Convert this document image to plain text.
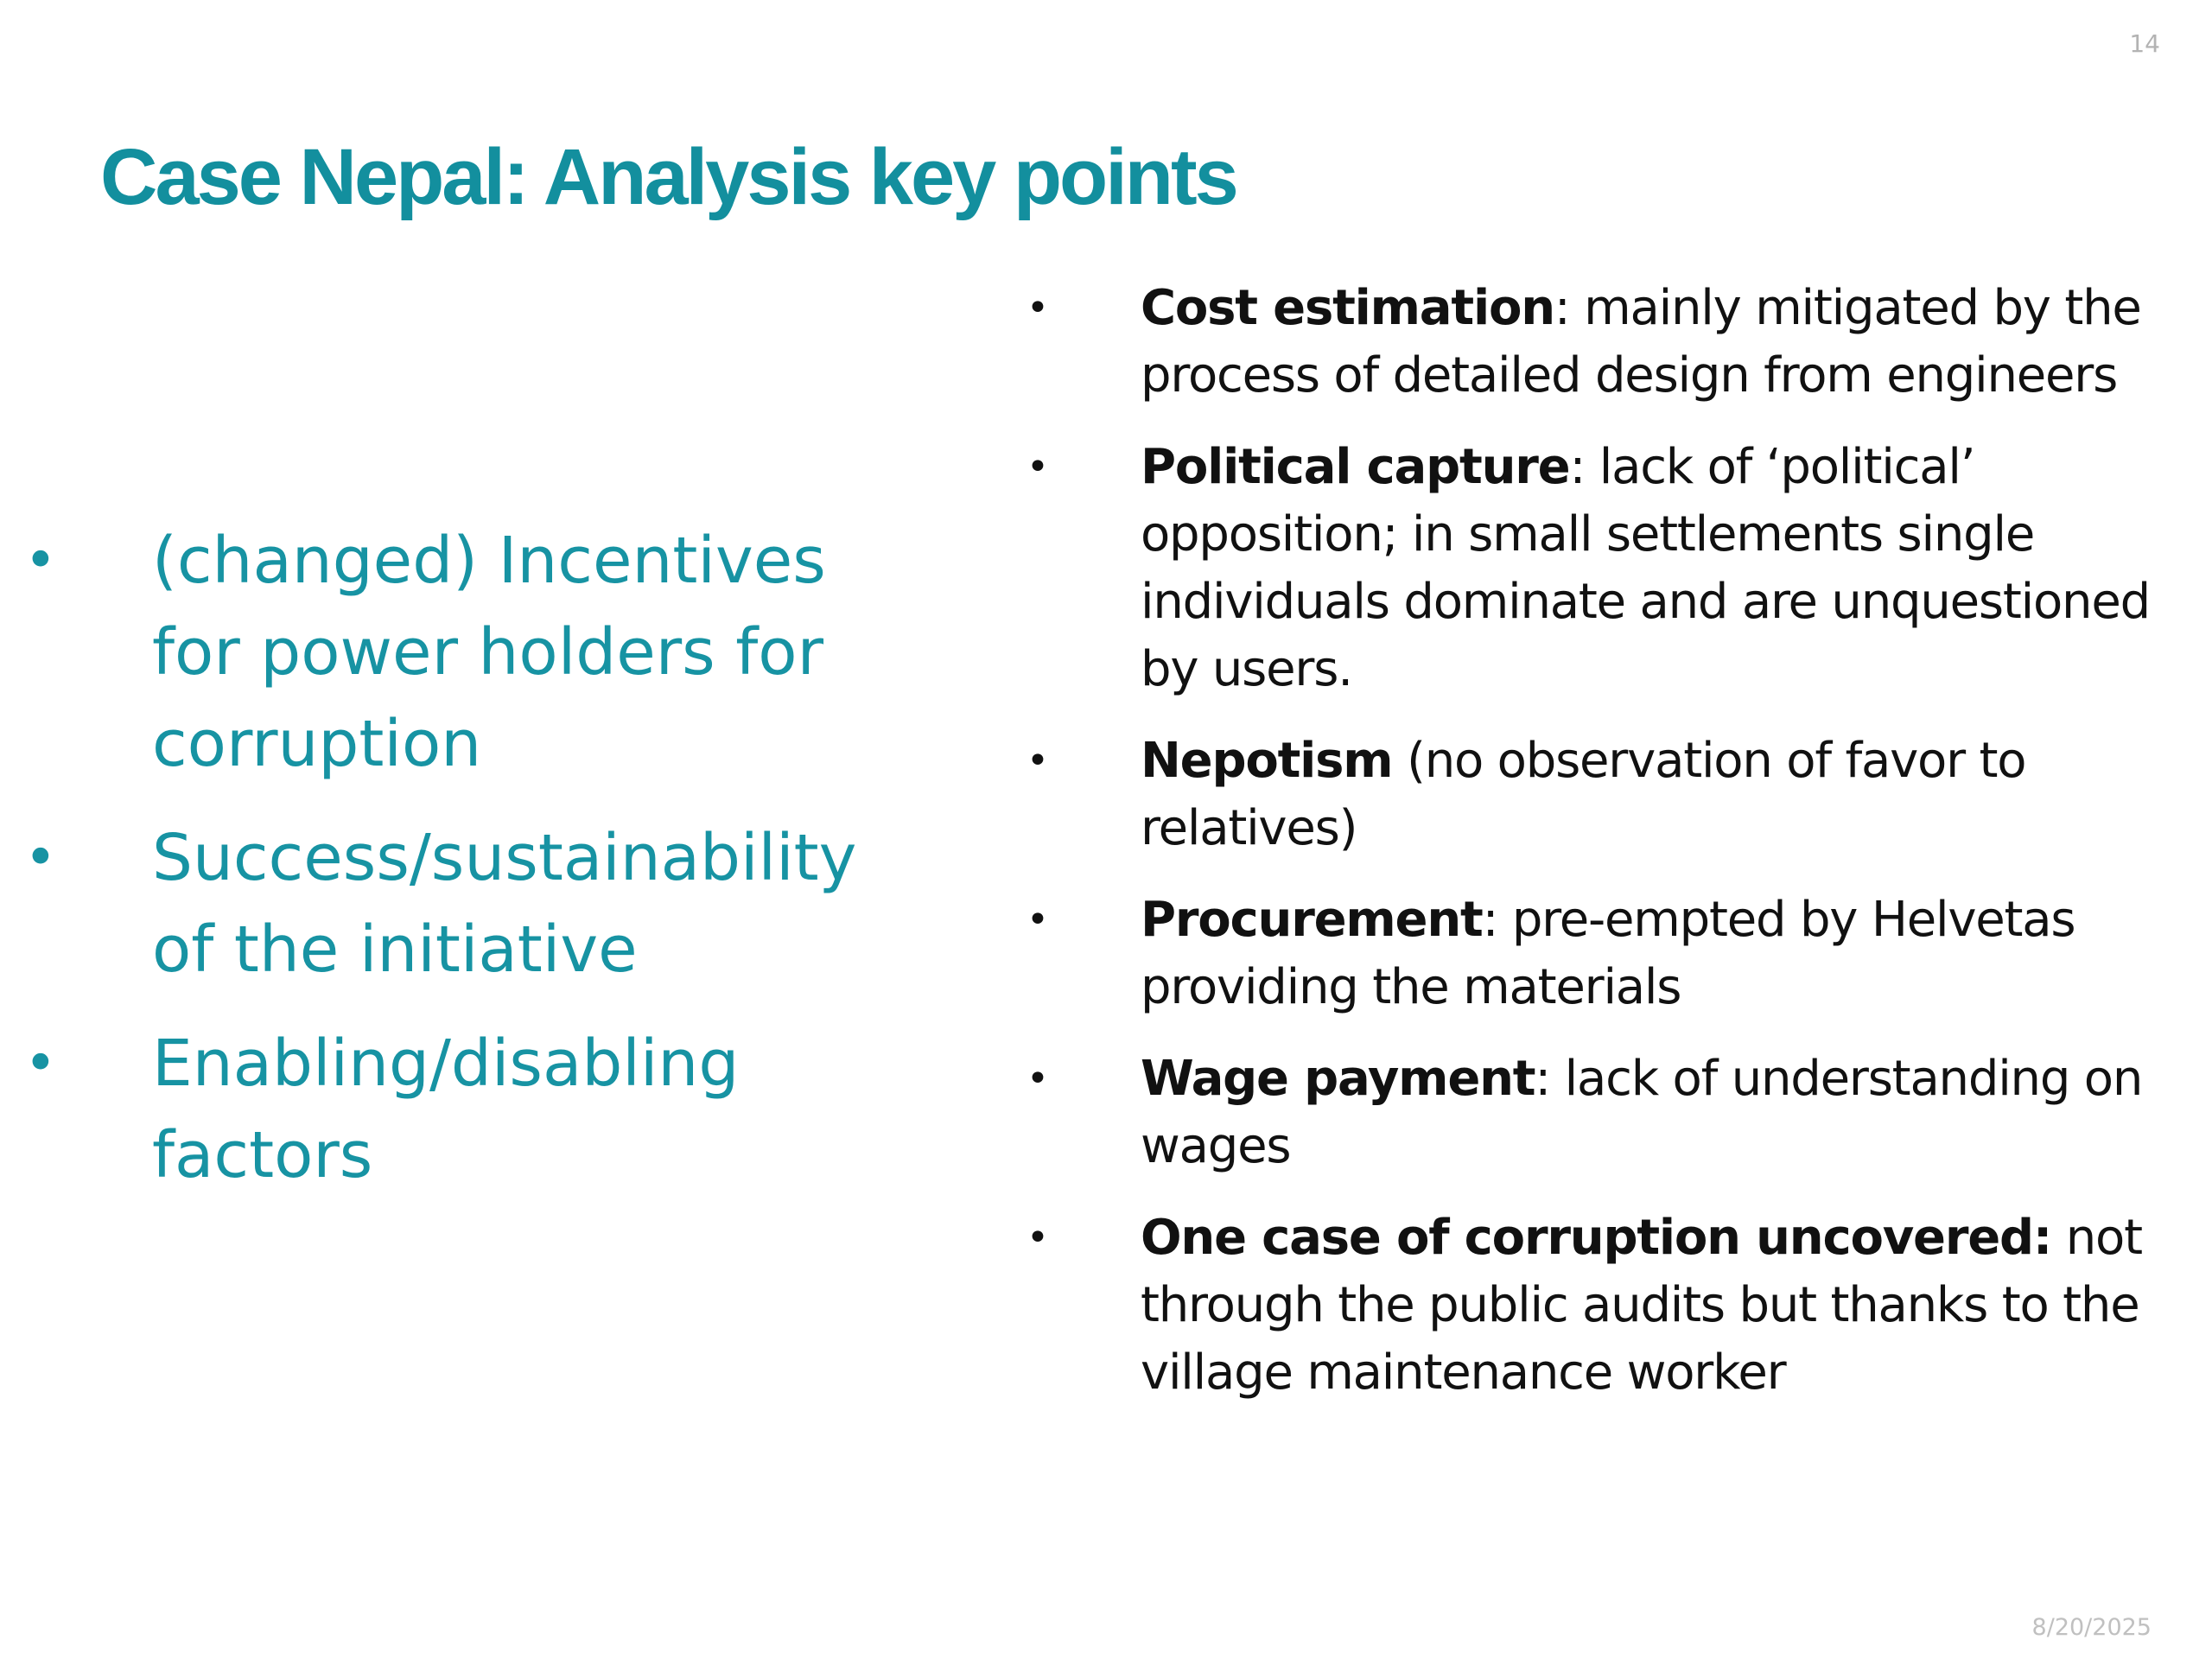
14
Case Nepal: Analysis key points
• (changed) Incentives for power holders for corruption
• Success/sustainability of the initiative
• Enabling/disabling factors
• Cost estimation: mainly mitigated by the process of detailed design from engineers
• Political capture: lack of ‘political’ opposition; in small settlements single individuals dominate and are unquestioned by users.
• Nepotism (no observation of favor to relatives)
• Procurement: pre-empted by Helvetas providing the materials
• Wage payment: lack of understanding on wages
• One case of corruption uncovered: not through the public audits but thanks to the village maintenance worker
8/20/2025
